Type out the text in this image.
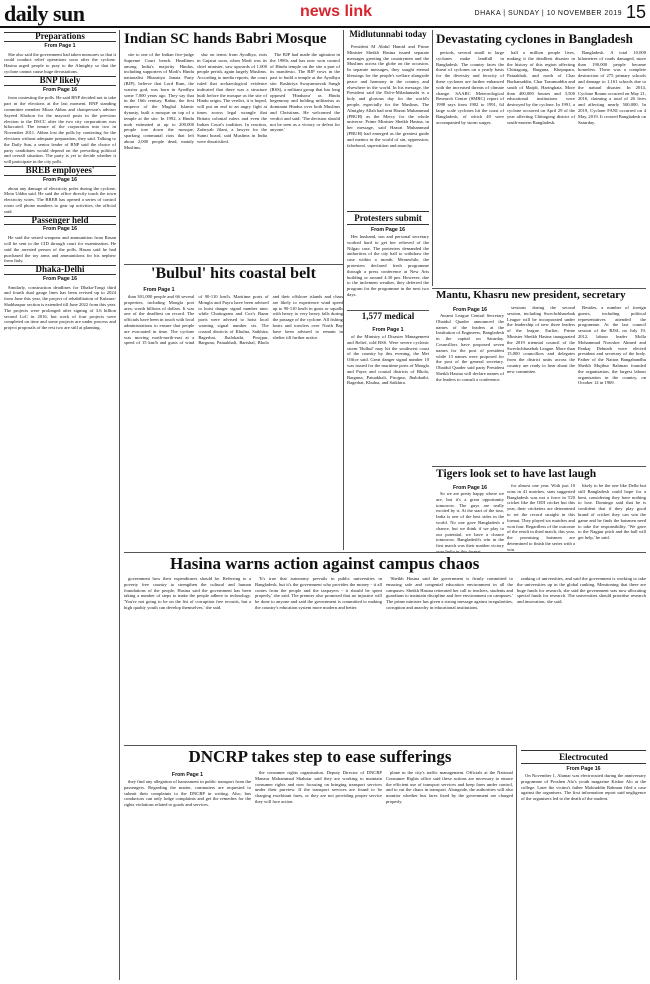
daily sun	news link	DHAKA | SUNDAY | 10 NOVEMBER 2019 15
Preparations
From Page 1

She also said the government had taken measures so that it could conduct relief operations soon after the cyclone. Hasina urged people to pray to the Almighty so that the cyclone cannot cause huge devastations.

BNP likely
From Page 16

from contesting the polls. He said BNP decided not to take part in the elections at the last moment. BNP standing committee member Mirza Abbas and chairperson's adviser Sayeed Khokon for the mayoral posts in the previous election to the DSCC after the two city corporations was bifurcated. The tenure of the corporation into two in November 2011. Abbas lost the polls by contesting for the elections without adequate preparation, they said. Talking to the Daily Sun, a senior leader of BNP said the choice of party candidates would depend on the prevailing political and overall situation. The party is yet to decide whether it will participate in the city polls.

BREB employees'
From Page 16

about any damage of electricity poles during the cyclone, Moin Uddin said. He said the office directly touch the town electricity wires. The BREB has opened a series of control room cell phone numbers to gear up activities, the official said.

Passenger held
From Page 16

He said the seized weapons and ammunition from Rasan will be sent to the CID through court for examination. He said the arrested person of the polls, Hasan said he had purchased the toy arms and ammunitions for his nephew from Italy.

Dhaka-Delhi
From Page 16

Similarly, construction deadlines for Dhaka-Tongi third and fourth dual gauge lines has been revised up to 2024 from June this year, the project of rehabilitation of Kulaura-Shahbazpur section is extended till June 2022 from this year. The projects were prolonged after signing of 3.6 billion second LoC in 2016, but work of four projects were completed on time and some projects are under process and project proposals of the rest two are still at planning.

Indian SC hands Babri Mosque

site to one of the Indian five-judge Supreme Court bench. Headlines among India's majority Hindus, including supporters of Modi's Hindu nationalist Bharatiya Janata Party (BJP), believe that Lord Ram, the warrior god, was born in Ayodhya some 7,000 years ago. They say that in the 16th century, Babur, the first emperor of the Mughal Islamic dynasty, built a mosque on top of a temple at the site. In 1992, a Hindu mob estimated at up to 200,000 people tore down the mosque, sparking communal riots that left about 2,000 people dead, mainly Muslims.

slur on terms from Ayodhya, riots in Gujarat soon, when Modi was its chief minister, saw upwards of 1,000 people perish, again largely Muslims. According to media reports, the court ruled that archaeological evidence indicated that there was a structure built before the mosque as the site of Hindu origin. The verdict, it is hoped, will put an end to an angry fight at times across legal wrangle that Britain colonial rulers and even the Indian Court's tradition. In reaction, Zafaryab Jilani, a lawyer for the Sunni board, said Muslims in India were dissatisfied.

The BJP had made the agitation in the 1980s and has now won control of Hindu temple on the site a part of its manifesto. The BJP vows in the past to build a temple at the Ayodhya site. Rashtriya Swayamsevak Sangh (RSS), a militant group that has long opposed 'Hindutva' as Hindu hegemony and holding militarists as dominant Hindus over both Muslims and Christians. He welcomed the verdict and said: 'The decision should not be seen as a victory or defeat for anyone.'

Midlutunnabi today

President M Abdul Hamid and Prime Minister Sheikh Hasina issued separate messages greeting the countrymen and the Muslims across the globe on the occasion. In separate messages, they sought eternal blessings for the people's welfare alongside peace and harmony in the country and elsewhere in the world. In his message, the President said the Eid-e-Miladunnabi is a holy and glorious day for the world's people, especially for the Muslims. The Almighty Allah had sent Hazrat Muhammad (PBUH) as the Mercy for the whole universe. Prime Minister Sheikh Hasina, in her message, said Hazrat Muhammad (PBUH) had emerged as the greatest guide and mentor in the world of sin, oppression, falsehood, superstition and anarchy.

Protesters submit
From Page 16

Her husband, son and personal secretary worked hard to get her relieved of the Nilgao case. The protesters demanded the authorities of the city hall to withdraw the case within a month. Meanwhile, the protesters declared fresh programme through a press conference at New Arts building or around 4.30 pm. However, due to the inclement weather, they deferred the program for the programme in the next two days.

Devastating cyclones in Bangladesh

periods, several small to large cyclones make landfall in Bangladesh. The country faces the threat of cyclones on a yearly basis for the diversity and ferocity of these cyclones are further enhanced with the increased threats of climate change. SAARC Meteorological Research Centre (SMRC) report of 1998 says from 1902 to 1991, 64 large scale cyclones hit the coast of Bangladesh, of which 40 were accompanied by storm surges.

half a million people lives, making it the deadliest disaster in the history of this region affecting Chittagong, Barguna, Khepupara, Patuakhali, and north of Char Burhanuddin, Char Tazumuddin and south of Maijdi, Haringhata. More than 400,000 houses and 3,500 educational institutions were destroyed by the cyclone. In 1991, a cyclone occurred on April 29 of the year affecting Chittagong district of south-eastern Bangladesh.

Bangladesh. A total 10,000 kilometres of roads damaged, more than 190,000 people became homeless. There was a complete destruction of 275 primary schools and damage to 1,161 schools due to the natural disaster. In 2014, Cyclone Roanu occurred on May 21, 2016, claiming a total of 26 lives and affecting nearly 500,000. In 2019, Cyclone FANI occurred on 4 May, 2019. It crossed Bangladesh on Saturday.

'Bulbul' hits coastal belt
From Page 1

than 301,000 people and 66 several properties, including Mongla port area, worth billions of dollars. It was one of the deadliest on record. The officials have been in touch with local administrations to ensure that people are evacuated in time. The cyclone was moving north-north-east at a speed of 15 km/h and gusts of wind of 90-110 km/h. Maritime ports of Mongla and Payra have been advised to hoist danger signal number nine, while Chattogram and Cox's Bazar ports were advised to hoist local warning signal number six. The coastal districts of Khulna, Satkhira, Bagerhat, Jhalokathi, Pirojpur, Barguna, Patuakhali, Barishal, Bhola and their offshore islands and chars are likely to experience wind speed up to 90-110 km/h in gusts or squalls with heavy to very heavy falls during the passage of the cyclone. All fishing boats and trawlers over North Bay have been advised to remain in shelter till further notice.

1,577 medical
From Page 1

of the Ministry of Disaster Management and Relief, told BSS. Were severe cyclonic storm 'Bulbul' may hit the southwest coast of the country by this evening, the Met Office said. Great danger signal number 10 was issued for the maritime ports of Mongla and Payra and coastal districts of Bhola, Barguna, Patuakhali, Pirojpur, Jhalokathi, Bagerhat, Khulna, and Satkhira.

Mantu, Khasru new president, secretary
From Page 16

Awami League Central Secretary Obaidul Quader announced the names of the leaders at the Institution of Engineers, Bangladesh in the capital on Saturday. Councillors have proposed seven names for the post of president while 13 names were proposed for the post of the general secretary. Obaidul Quader said party President Sheikh Hasina will declare names of the leaders to consult a conference.

sessions during the second session, including Swechchhasebak League will be incorporated under the leadership of new three leaders of the league. Earlier, Prime Minister Sheikh Hasina inaugurated the 2019 triennial council of the Swechchhasebak League. More than 15,000 councillors and delegates from the district units across the country are ready to hear about the new committee.

Besides, a number of foreign guests, including political representatives attended the programme. At the last council session of the BJSL on July 19, 2012, labour leader Molla Mohammad Nowsher Ahmed and Pankaj Debnath were elected president and secretary of the body. Father of the Nation Bangabandhu Sheikh Mujibur Rahman founded the organisation, the largest labour organisation in the country, on October 12 in 1969.

Tigers look set to have last laugh
From Page 16

So we are pretty happy where we are, but it's a great opportunity tomorrow. The guys are really excited by it. At the start of the tour, India is one of the best sides in the world. No one gave Bangladesh a chance, but we think if we play to our potential, we have a chance tomorrow. Bangladesh's win in the first match was their maiden victory

for almost one year. With just 10 wins in 41 matches, stats suggested Bangladesh was not a force in T20 cricket like the ODI cricket but this year, their cricketers are determined to set the record straight in this format. They played six matches and won four. Regardless of the outcome of the result in third match, this year, the promising batsmen are determined to finish the series with a win.

likely to be the one like Delhi but still Bangladesh could hope for a bent, considering they have nothing to lose. Domingo said that he is confident that if they play good brand of cricket they can win the game and he finds the batsmen need to take the responsibility. 'We gave to the Nagpur pitch and the ball will get help,' he said.

Hasina warns action against campus chaos

government how their expenditures should be. Referring to a poverty free country to strengthen the cultural and human foundations of the people, Hasina said the government has been taking a number of steps to make the people adhere to technology. 'You're not going to be on the list of corruption free recruits, but a high quality youth can develop themselves,' she said.

'It's true that autonomy prevails in public universities in Bangladesh, but it's the government who provides the money - it all comes from the people and the taxpayers - it should be spent properly,' she said. The premier also promised that no injustice will be done to anyone and said the government is committed to making the country's education system more modern and better.

'Sheikh Hasina said the government is firmly committed to ensuring safe and congenial education environment in all the campuses. Sheikh Hasina reiterated her call to teachers, students and guardians to maintain discipline and free environment on campuses.' The prime minister has given a strong message against irregularities, corruption and anarchy in educational institutions.

ranking of universities, and said the government is working to take the universities up in the global ranking. Mentioning that there are huge funds for research, she said the government was now allocating special funds for research. The universities should prioritise research and innovation, she said.

DNCRP takes step to ease sufferings
From Page 1

they find any allegation of harassment in public transport from the passengers. Regarding the matter, commuters are requested to submit their complaints to the DNCRP in writing. Also, bus conductors can only lodge complaints and get the remedies for the rights violations related to goods and services.

the consumer rights organisation. Deputy Director of DNCRP Manzur Mohammad Shahriar said they are working to maintain consumer rights and now focusing on bringing transport services under their purview. If the transport services are found to be charging exorbitant fares, or they are not providing proper service they will face action.

plane in the city's traffic management. Officials at the National Consumer Rights office said these actions are necessary to ensure the efficient use of transport services and keep fares under control, and to cut the chaos in transport. Alongside, the authorities will also monitor whether bus fares fixed by the government are charged properly.

Electrocuted
From Page 16

On November 1, Alamar was electrocuted during the anniversary programme of Proshen Alo's youth magazine Kishor Alo at the college. Later the victim's father Mohiuddin Rahman filed a case against the organisers. The first information report said negligence of the organisers led to the death of the student.
